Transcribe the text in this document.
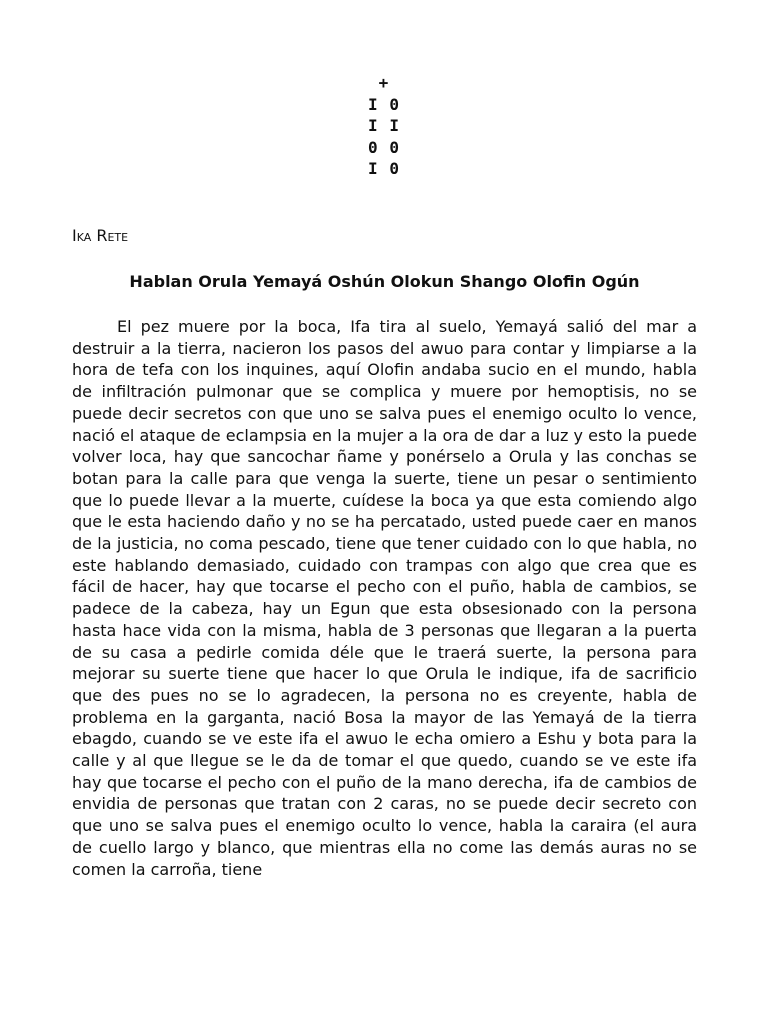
+
I 0
I I
0 0
I 0
Ika Rete
Hablan Orula Yemayá Oshún Olokun Shango Olofin Ogún

El pez muere por la boca, Ifa tira al suelo, Yemayá salió del mar a destruir a la tierra, nacieron los pasos del awuo para contar y limpiarse a la hora de tefa con los inquines, aquí Olofin andaba sucio en el mundo, habla de infiltración pulmonar que se complica y muere por hemoptisis, no se puede decir secretos con que uno se salva pues el enemigo oculto lo vence, nació el ataque de eclampsia en la mujer a la ora de dar a luz y esto la puede volver loca, hay que sancochar ñame y ponérselo a Orula y las conchas se botan para la calle para que venga la suerte, tiene un pesar o sentimiento que lo puede llevar a la muerte, cuídese la boca ya que esta comiendo algo que le esta haciendo daño y no se ha percatado, usted puede caer en manos de la justicia, no coma pescado, tiene que tener cuidado con lo que habla, no este hablando demasiado, cuidado con trampas con algo que crea que es fácil de hacer, hay que tocarse el pecho con el puño, habla de cambios, se padece de la cabeza, hay un Egun que esta obsesionado con la persona hasta hace vida con la misma, habla de 3 personas que llegaran a la puerta de su casa a pedirle comida déle que le traerá suerte, la persona para mejorar su suerte tiene que hacer lo que Orula le indique, ifa de sacrificio que des pues no se lo agradecen, la persona no es creyente, habla de problema en la garganta, nació Bosa la mayor de las Yemayá de la tierra ebagdo, cuando se ve este ifa el awuo le echa omiero a Eshu y bota para la calle y al que llegue se le da de tomar el que quedo, cuando se ve este ifa hay que tocarse el pecho con el puño de la mano derecha, ifa de cambios de envidia de personas que tratan con 2 caras, no se puede decir secreto con que uno se salva pues el enemigo oculto lo vence, habla la caraira (el aura de cuello largo y blanco, que mientras ella no come las demás auras no se comen la carroña, tiene
